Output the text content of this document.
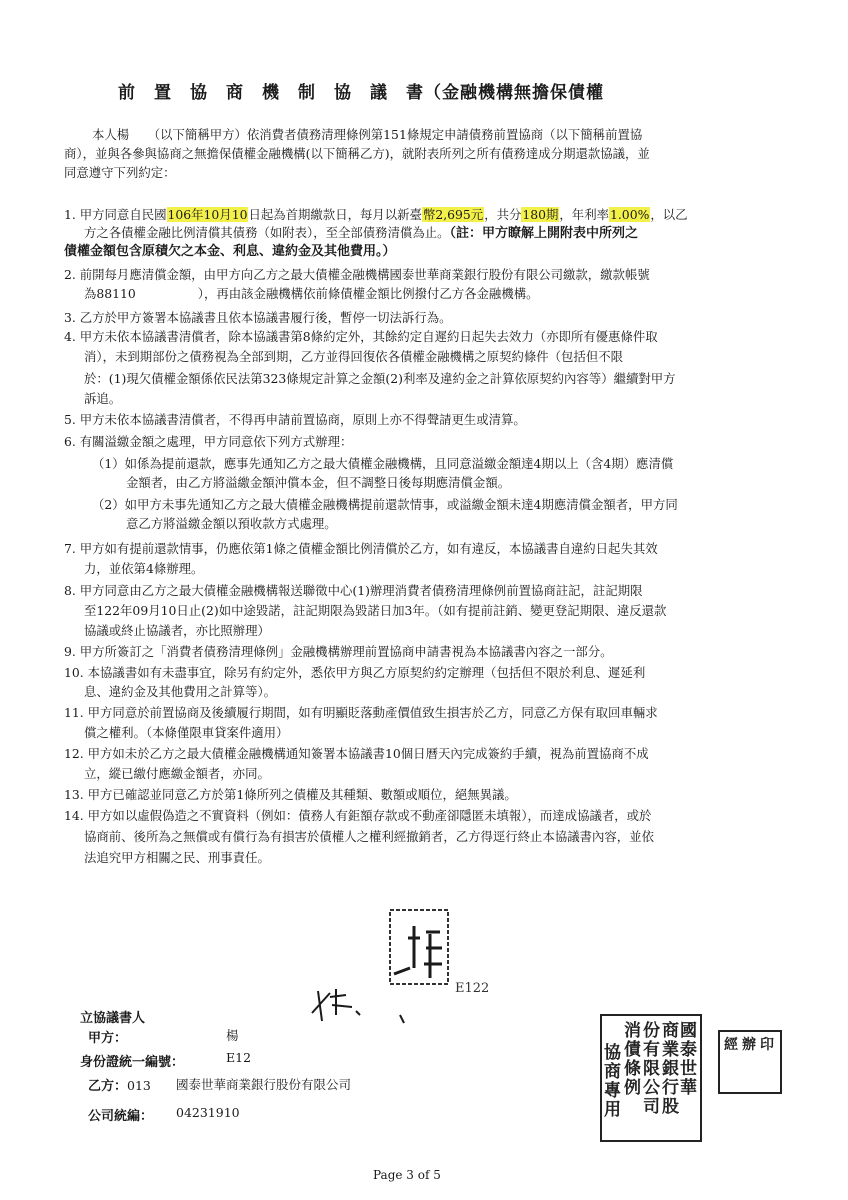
前　置　協　商　機　制　協　議　書（金融機構無擔保債權
本人楊　　（以下簡稱甲方）依消費者債務清理條例第151條規定申請債務前置協商（以下簡稱前置協
商），並與各參與協商之無擔保債權金融機構(以下簡稱乙方)，就附表所列之所有債務達成分期還款協議，並
同意遵守下列約定：
1. 甲方同意自民國106年10月10日起為首期繳款日，每月以新臺幣2,695元，共分180期，年利率1.00%，以乙
方之各債權金融比例清償其債務（如附表），至全部債務清償為止。（註：甲方瞭解上開附表中所列之
債權金額包含原積欠之本金、利息、違約金及其他費用。）
2. 前開每月應清償金額，由甲方向乙方之最大債權金融機構國泰世華商業銀行股份有限公司繳款，繳款帳號
為88110　　　　　），再由該金融機構依前條債權金額比例撥付乙方各金融機構。
3. 乙方於甲方簽署本協議書且依本協議書履行後，暫停一切法訴行為。
4. 甲方未依本協議書清償者，除本協議書第8條約定外，其餘約定自遲約日起失去效力（亦即所有優惠條件取
消），未到期部份之債務視為全部到期，乙方並得回復依各債權金融機構之原契約條件（包括但不限
於：(1)現欠債權金額係依民法第323條規定計算之金額(2)利率及違約金之計算依原契約內容等）繼續對甲方
訴追。
5. 甲方未依本協議書清償者，不得再申請前置協商，原則上亦不得聲請更生或清算。
6. 有關溢繳金額之處理，甲方同意依下列方式辦理：
（1）如係為提前還款，應事先通知乙方之最大債權金融機構，且同意溢繳金額達4期以上（含4期）應清償
金額者，由乙方將溢繳金額沖償本金，但不調整日後每期應清償金額。
（2）如甲方未事先通知乙方之最大債權金融機構提前還款情事，或溢繳金額未達4期應清償金額者，甲方同
意乙方將溢繳金額以預收款方式處理。
7. 甲方如有提前還款情事，仍應依第1條之債權金額比例清償於乙方，如有違反，本協議書自違約日起失其效
力，並依第4條辦理。
8. 甲方同意由乙方之最大債權金融機構報送聯徵中心(1)辦理消費者債務清理條例前置協商註記，註記期限
至122年09月10日止(2)如中途毀諾，註記期限為毀諾日加3年。（如有提前註銷、變更登記期限、違反還款
協議或終止協議者，亦比照辦理）
9. 甲方所簽訂之「消費者債務清理條例」金融機構辦理前置協商申請書視為本協議書內容之一部分。
10. 本協議書如有未盡事宜，除另有約定外，悉依甲方與乙方原契約約定辦理（包括但不限於利息、遲延利
息、違約金及其他費用之計算等）。
11. 甲方同意於前置協商及後續履行期間，如有明顯貶落動產價值致生損害於乙方，同意乙方保有取回車輛求
償之權利。（本條僅限車貸案件適用）
12. 甲方如未於乙方之最大債權金融機構通知簽署本協議書10個日曆天內完成簽約手續，視為前置協商不成
立，縱已繳付應繳金額者，亦同。
13. 甲方已確認並同意乙方於第1條所列之債權及其種類、數額或順位，絕無異議。
14. 甲方如以虛假偽造之不實資料（例如：債務人有鉅額存款或不動產卻隱匿未填報），而達成協議者，或於
協商前、後所為之無償或有償行為有損害於債權人之權利經撤銷者，乙方得逕行終止本協議書內容，並依
法追究甲方相關之民、刑事責任。
E122
立協議書人
甲方：	楊
身份證統一編號：	E12
乙方：013 國泰世華商業銀行股份有限公司
公司統編： 04231910
協商專用
消債條例
份有限公司
商業銀行股
國泰世華
經 辦 印
Page 3 of 5
